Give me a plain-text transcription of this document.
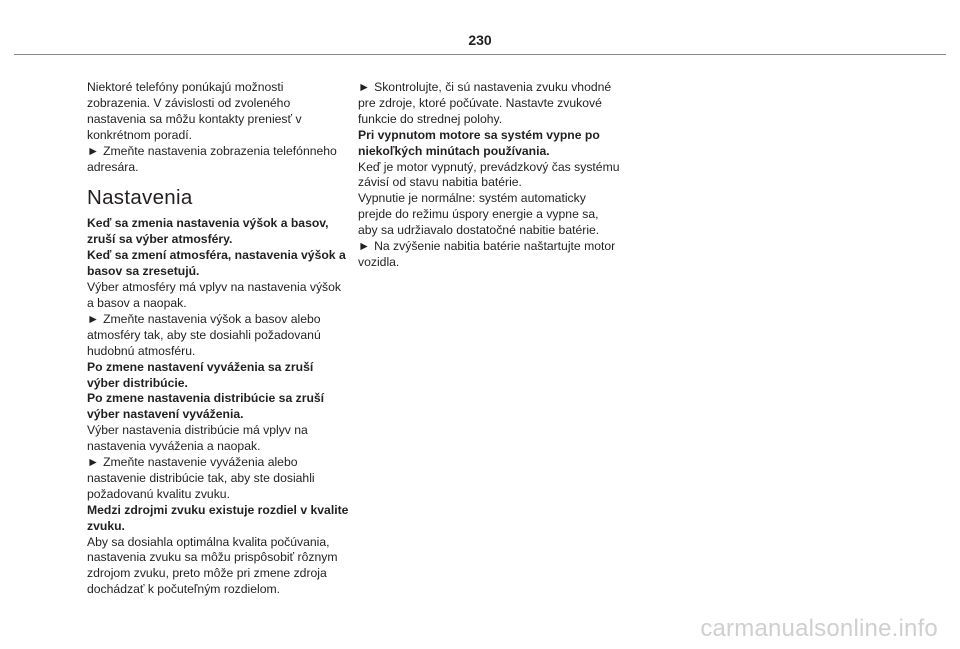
230

Niektoré telefóny ponúkajú možnosti zobrazenia. V závislosti od zvoleného nastavenia sa môžu kontakty preniesť v konkrétnom poradí.

► Zmeňte nastavenia zobrazenia telefónneho adresára.

Nastavenia

Keď sa zmenia nastavenia výšok a basov, zruší sa výber atmosféry.

Keď sa zmení atmosféra, nastavenia výšok a basov sa zresetujú.

Výber atmosféry má vplyv na nastavenia výšok a basov a naopak.

► Zmeňte nastavenia výšok a basov alebo atmosféry tak, aby ste dosiahli požadovanú hudobnú atmosféru.

Po zmene nastavení vyváženia sa zruší výber distribúcie.

Po zmene nastavenia distribúcie sa zruší výber nastavení vyváženia.

Výber nastavenia distribúcie má vplyv na nastavenia vyváženia a naopak.

► Zmeňte nastavenie vyváženia alebo nastavenie distribúcie tak, aby ste dosiahli požadovanú kvalitu zvuku.

Medzi zdrojmi zvuku existuje rozdiel v kvalite zvuku.

Aby sa dosiahla optimálna kvalita počúvania, nastavenia zvuku sa môžu prispôsobiť rôznym zdrojom zvuku, preto môže pri zmene zdroja dochádzať k počuteľným rozdielom.

► Skontrolujte, či sú nastavenia zvuku vhodné pre zdroje, ktoré počúvate. Nastavte zvukové funkcie do strednej polohy.

Pri vypnutom motore sa systém vypne po niekoľkých minútach používania.

Keď je motor vypnutý, prevádzkový čas systému závisí od stavu nabitia batérie.

Vypnutie je normálne: systém automaticky prejde do režimu úspory energie a vypne sa, aby sa udržiavalo dostatočné nabitie batérie.

► Na zvýšenie nabitia batérie naštartujte motor vozidla.

carmanualsonline.info
